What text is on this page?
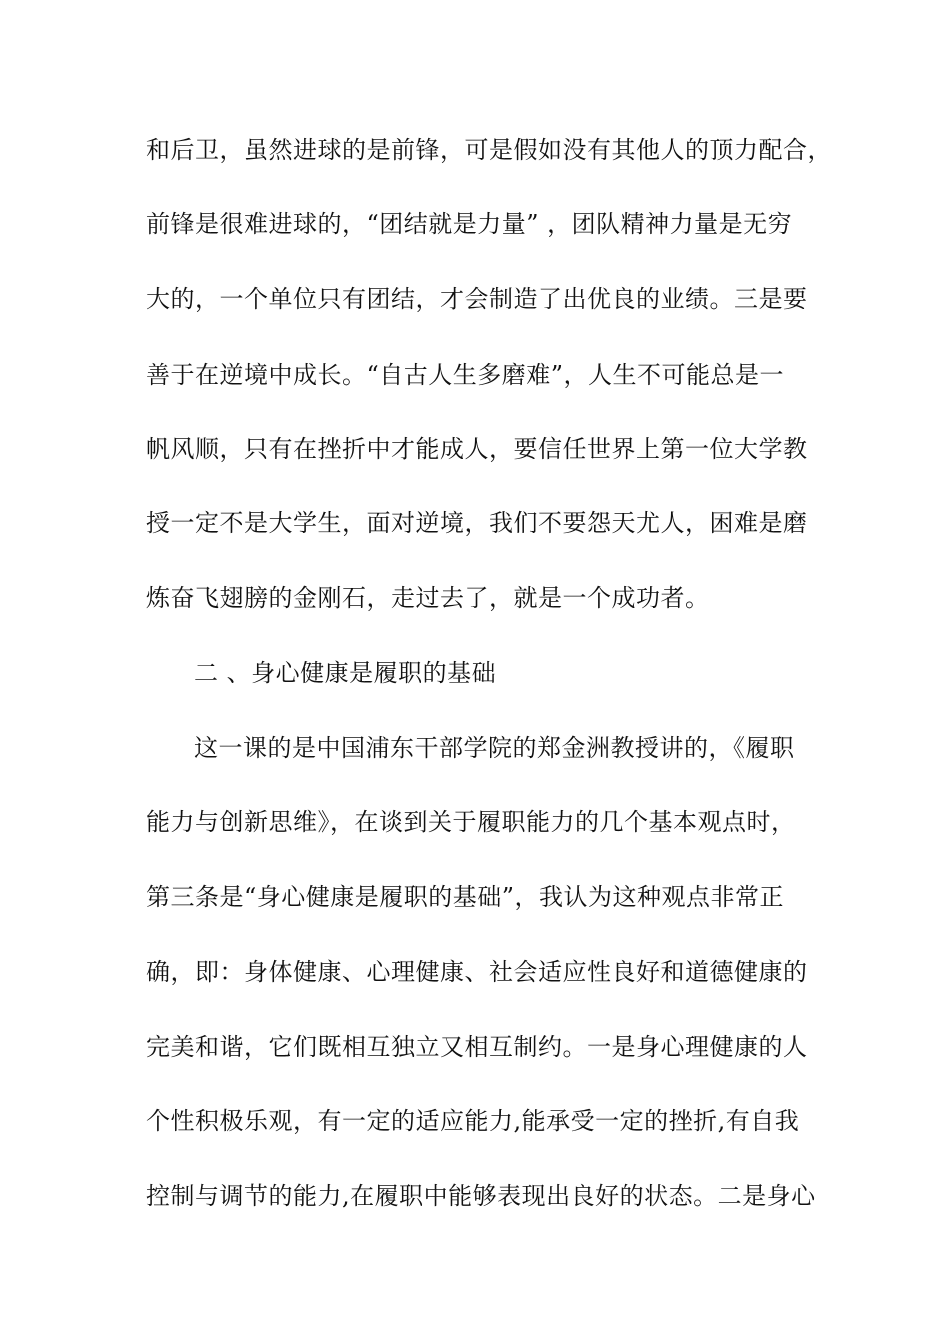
和后卫，虽然进球的是前锋，可是假如没有其他人的顶力配合，
前锋是很难进球的，“团结就是力量” ，团队精神力量是无穷
大的，一个单位只有团结，才会制造了出优良的业绩。三是要
善于在逆境中成长。“自古人生多磨难”，人生不可能总是一
帆风顺，只有在挫折中才能成人，要信任世界上第一位大学教
授一定不是大学生，面对逆境，我们不要怨天尤人，困难是磨
炼奋飞翅膀的金刚石，走过去了，就是一个成功者。
二 、身心健康是履职的基础
这一课的是中国浦东干部学院的郑金洲教授讲的，《履职
能力与创新思维》，在谈到关于履职能力的几个基本观点时，
第三条是“身心健康是履职的基础”，我认为这种观点非常正
确，即：身体健康、心理健康、社会适应性良好和道德健康的
完美和谐，它们既相互独立又相互制约。一是身心理健康的人
个性积极乐观，有一定的适应能力,能承受一定的挫折,有自我
控制与调节的能力,在履职中能够表现出良好的状态。二是身心
